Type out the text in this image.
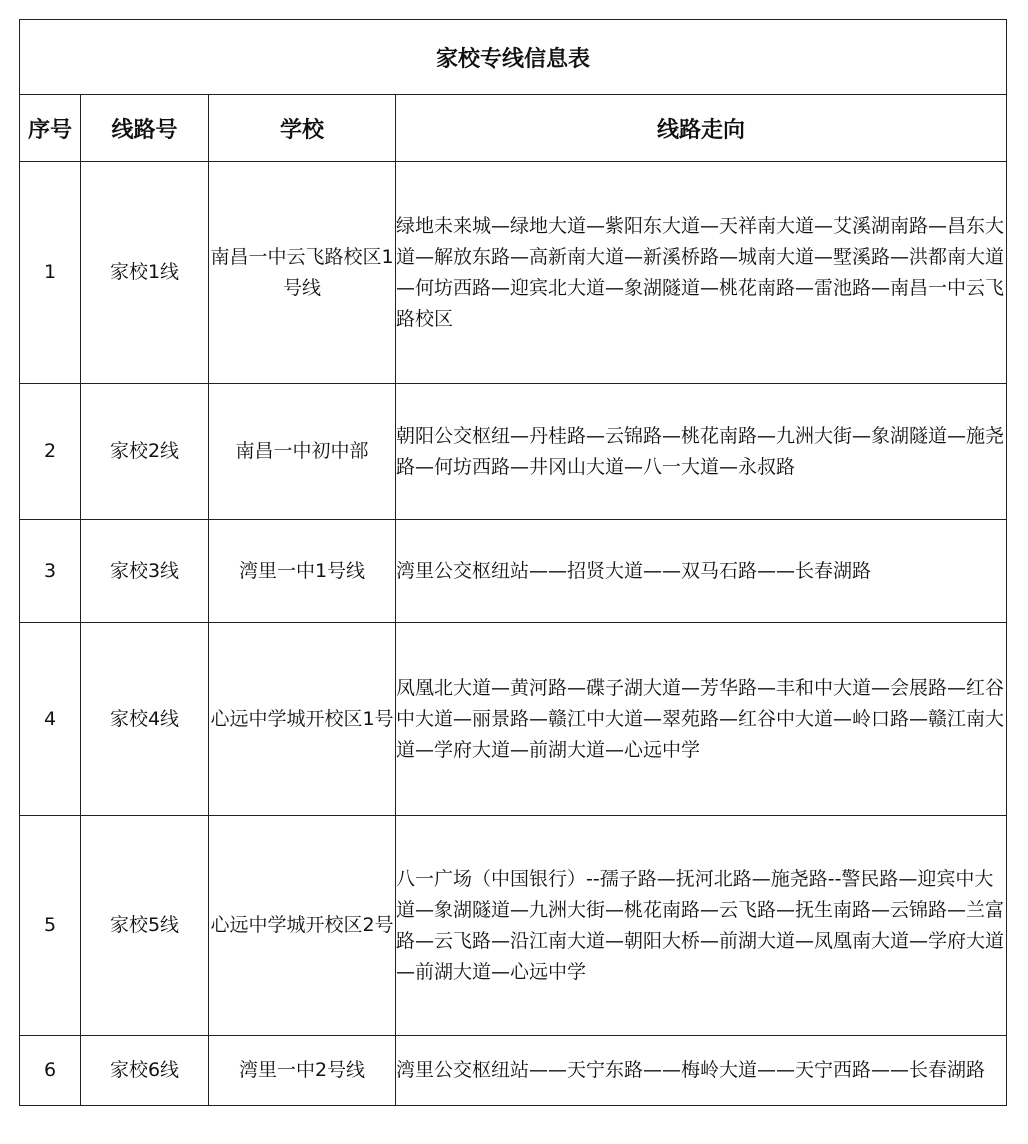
家校专线信息表			
序号	线路号	学校	线路走向
1	家校1线	南昌一中云飞路校区1号线	绿地未来城—绿地大道—紫阳东大道—天祥南大道—艾溪湖南路—昌东大道—解放东路—高新南大道—新溪桥路—城南大道—墅溪路—洪都南大道—何坊西路—迎宾北大道—象湖隧道—桃花南路—雷池路—南昌一中云飞路校区
2	家校2线	南昌一中初中部	朝阳公交枢纽—丹桂路—云锦路—桃花南路—九洲大街—象湖隧道—施尧路—何坊西路—井冈山大道—八一大道—永叔路
3	家校3线	湾里一中1号线	湾里公交枢纽站——招贤大道——双马石路——长春湖路
4	家校4线	心远中学城开校区1号	凤凰北大道—黄河路—碟子湖大道—芳华路—丰和中大道—会展路—红谷中大道—丽景路—赣江中大道—翠苑路—红谷中大道—岭口路—赣江南大道—学府大道—前湖大道—心远中学
5	家校5线	心远中学城开校区2号	八一广场（中国银行）--孺子路—抚河北路—施尧路--警民路—迎宾中大道—象湖隧道—九洲大街—桃花南路—云飞路—抚生南路—云锦路—兰富路—云飞路—沿江南大道—朝阳大桥—前湖大道—凤凰南大道—学府大道—前湖大道—心远中学
6	家校6线	湾里一中2号线	湾里公交枢纽站——天宁东路——梅岭大道——天宁西路——长春湖路
